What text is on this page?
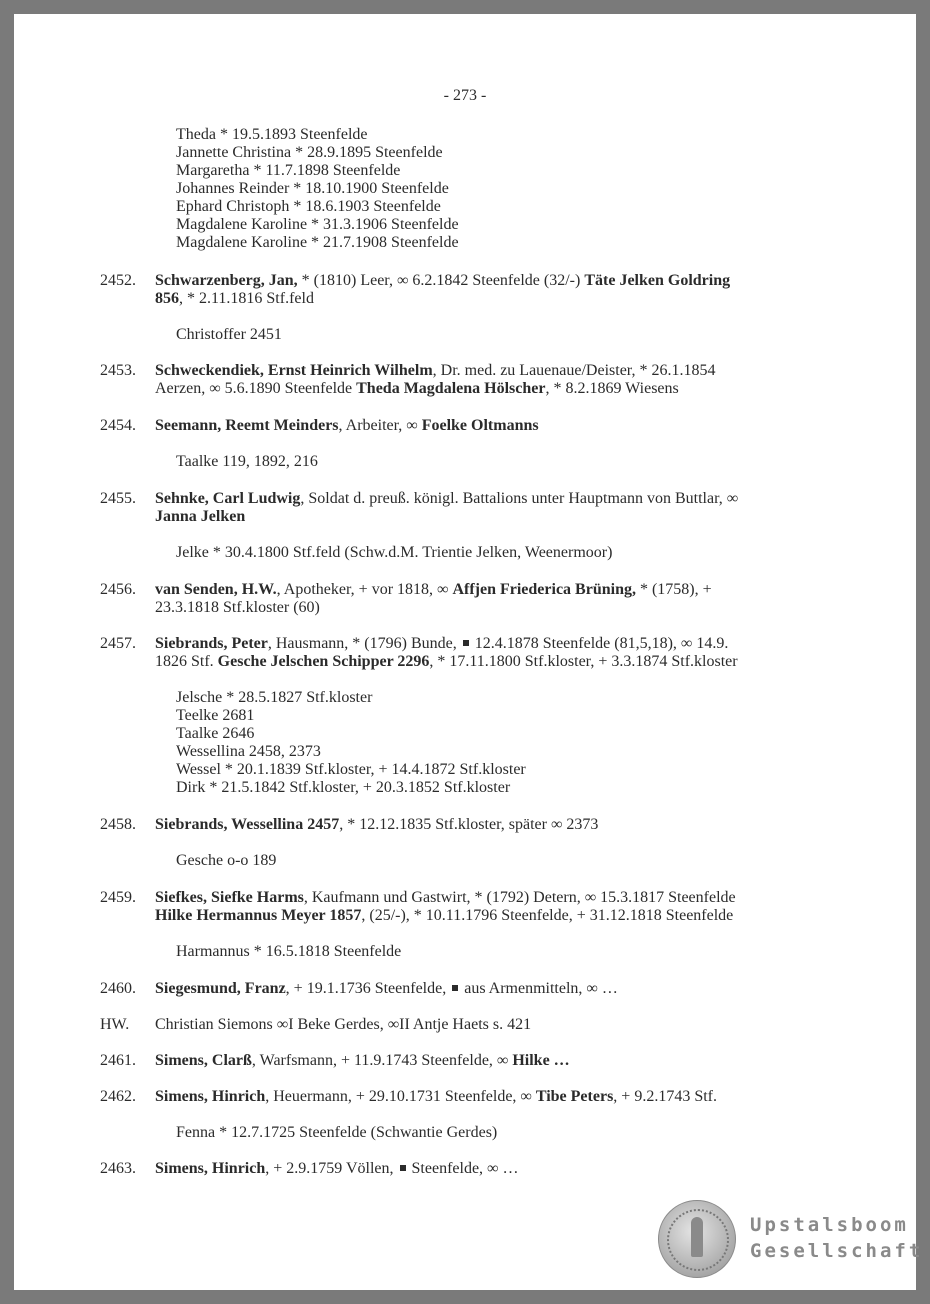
- 273 -
Theda * 19.5.1893 Steenfelde
Jannette Christina * 28.9.1895 Steenfelde
Margaretha * 11.7.1898 Steenfelde
Johannes Reinder * 18.10.1900 Steenfelde
Ephard Christoph * 18.6.1903 Steenfelde
Magdalene Karoline * 31.3.1906 Steenfelde
Magdalene Karoline * 21.7.1908 Steenfelde
2452. Schwarzenberg, Jan, * (1810) Leer, ∞ 6.2.1842 Steenfelde (32/-) Täte Jelken Goldring
856, * 2.11.1816 Stf.feld
Christoffer 2451
2453. Schweckendiek, Ernst Heinrich Wilhelm, Dr. med. zu Lauenaue/Deister, * 26.1.1854
Aerzen, ∞ 5.6.1890 Steenfelde Theda Magdalena Hölscher, * 8.2.1869 Wiesens
2454. Seemann, Reemt Meinders, Arbeiter, ∞ Foelke Oltmanns
Taalke 119, 1892, 216
2455. Sehnke, Carl Ludwig, Soldat d. preuß. königl. Battalions unter Hauptmann von Buttlar, ∞
Janna Jelken
Jelke * 30.4.1800 Stf.feld (Schw.d.M. Trientie Jelken, Weenermoor)
2456. van Senden, H.W., Apotheker, + vor 1818, ∞ Affjen Friederica Brüning, * (1758), +
23.3.1818 Stf.kloster (60)
2457. Siebrands, Peter, Hausmann, * (1796) Bunde,  12.4.1878 Steenfelde (81,5,18), ∞ 14.9.
1826 Stf. Gesche Jelschen Schipper 2296, * 17.11.1800 Stf.kloster, + 3.3.1874 Stf.kloster
Jelsche * 28.5.1827 Stf.kloster
Teelke 2681
Taalke 2646
Wessellina 2458, 2373
Wessel * 20.1.1839 Stf.kloster, + 14.4.1872 Stf.kloster
Dirk * 21.5.1842 Stf.kloster, + 20.3.1852 Stf.kloster
2458. Siebrands, Wessellina 2457, * 12.12.1835 Stf.kloster, später ∞ 2373
Gesche o-o 189
2459. Siefkes, Siefke Harms, Kaufmann und Gastwirt, * (1792) Detern, ∞ 15.3.1817 Steenfelde
Hilke Hermannus Meyer 1857, (25/-), * 10.11.1796 Steenfelde, + 31.12.1818 Steenfelde
Harmannus * 16.5.1818 Steenfelde
2460. Siegesmund, Franz, + 19.1.1736 Steenfelde,  aus Armenmitteln, ∞ …
HW. Christian Siemons ∞I Beke Gerdes, ∞II Antje Haets s. 421
2461. Simens, Clarß, Warfsmann, + 11.9.1743 Steenfelde, ∞ Hilke …
2462. Simens, Hinrich, Heuermann, + 29.10.1731 Steenfelde, ∞ Tibe Peters, + 9.2.1743 Stf.
Fenna * 12.7.1725 Steenfelde (Schwantie Gerdes)
2463. Simens, Hinrich, + 2.9.1759 Völlen,  Steenfelde, ∞ …
Upstalsboom
Gesellschaft
